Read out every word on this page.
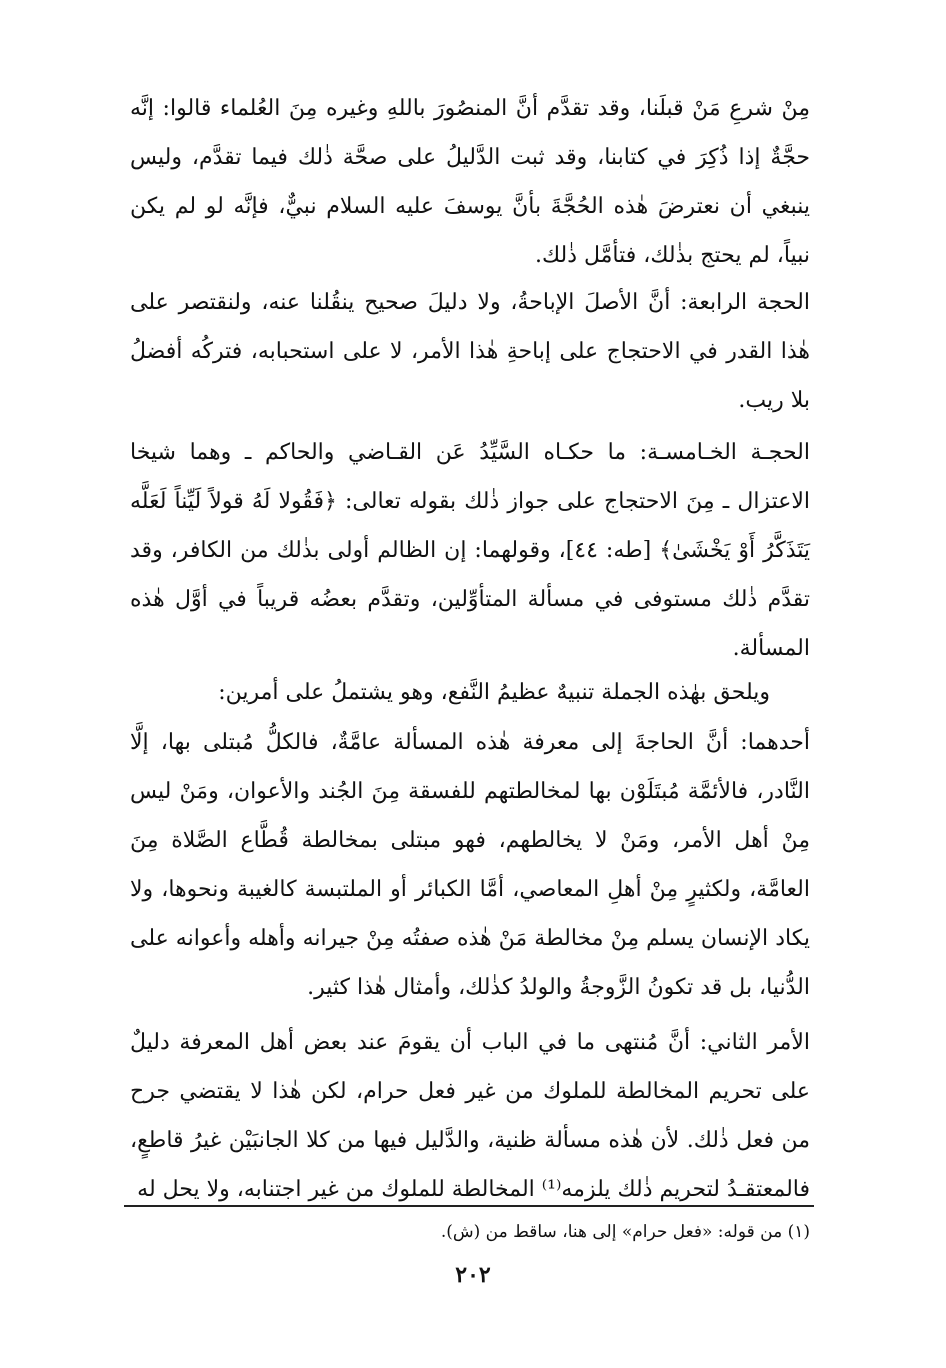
مِنْ شرعِ مَنْ قبلَنا، وقد تقدَّم أنَّ المنصُورَ باللهِ وغيره مِنَ العُلماء قالوا: إنَّه حجَّةٌ إذا ذُكِرَ في كتابنا، وقد ثبت الدَّليلُ على صحَّة ذٰلك فيما تقدَّم، وليس ينبغي أن نعترضَ هٰذه الحُجَّةَ بأنَّ يوسفَ عليه السلام نبيٌّ، فإنَّه لو لم يكن نبياً، لم يحتج بذٰلك، فتأمَّل ذٰلك.

الحجة الرابعة: أنَّ الأصلَ الإباحةُ، ولا دليلَ صحيح ينقُلنا عنه، ولنقتصر على هٰذا القدر في الاحتجاج على إباحةِ هٰذا الأمر، لا على استحبابه، فتركُه أفضلُ بلا ريب.

الحجـة الخـامسـة: ما حكـاه السَّيِّدُ عَن القـاضي والحاكم ـ وهما شيخا الاعتزال ـ مِنَ الاحتجاج على جواز ذٰلك بقوله تعالى: ﴿فَقُولا لَهُ قولاً لَيِّناً لَعَلَّه يَتَذَكَّرُ أَوْ يَخْشَىٰ﴾ [طه: ٤٤]، وقولهما: إن الظالم أولى بذٰلك من الكافر، وقد تقدَّم ذٰلك مستوفى في مسألة المتأوِّلين، وتقدَّم بعضُه قريباً في أوَّل هٰذه المسألة.

ويلحق بهٰذه الجملة تنبيهٌ عظيمُ النَّفع، وهو يشتملُ على أمرين:

أحدهما: أنَّ الحاجةَ إلى معرفة هٰذه المسألة عامَّةٌ، فالكلُّ مُبتلى بها، إلَّا النَّادر، فالأئمَّة مُبتَلَوْن بها لمخالطتهم للفسقة مِنَ الجُند والأعوان، ومَنْ ليس مِنْ أهل الأمر، ومَنْ لا يخالطهم، فهو مبتلى بمخالطة قُطَّاع الصَّلاة مِنَ العامَّة، ولكثيرٍ مِنْ أهلِ المعاصي، أمَّا الكبائر أو الملتبسة كالغيبة ونحوها، ولا يكاد الإنسان يسلم مِنْ مخالطة مَنْ هٰذه صفتُه مِنْ جيرانه وأهله وأعوانه على الدُّنيا، بل قد تكونُ الزَّوجةُ والولدُ كذٰلك، وأمثال هٰذا كثير.

الأمر الثاني: أنَّ مُنتهى ما في الباب أن يقومَ عند بعض أهل المعرفة دليلٌ على تحريم المخالطة للملوك من غير فعل حرام، لكن هٰذا لا يقتضي جرح من فعل ذٰلك. لأن هٰذه مسألة ظنية، والدَّليل فيها من كلا الجانبَيْن غيرُ قاطعٍ، فالمعتقـدُ لتحريم ذٰلك يلزمه⁽¹⁾ المخالطة للملوك من غير اجتنابه، ولا يحل له

(١) من قوله: «فعل حرام» إلى هنا، ساقط من (ش).

٢٠٢
